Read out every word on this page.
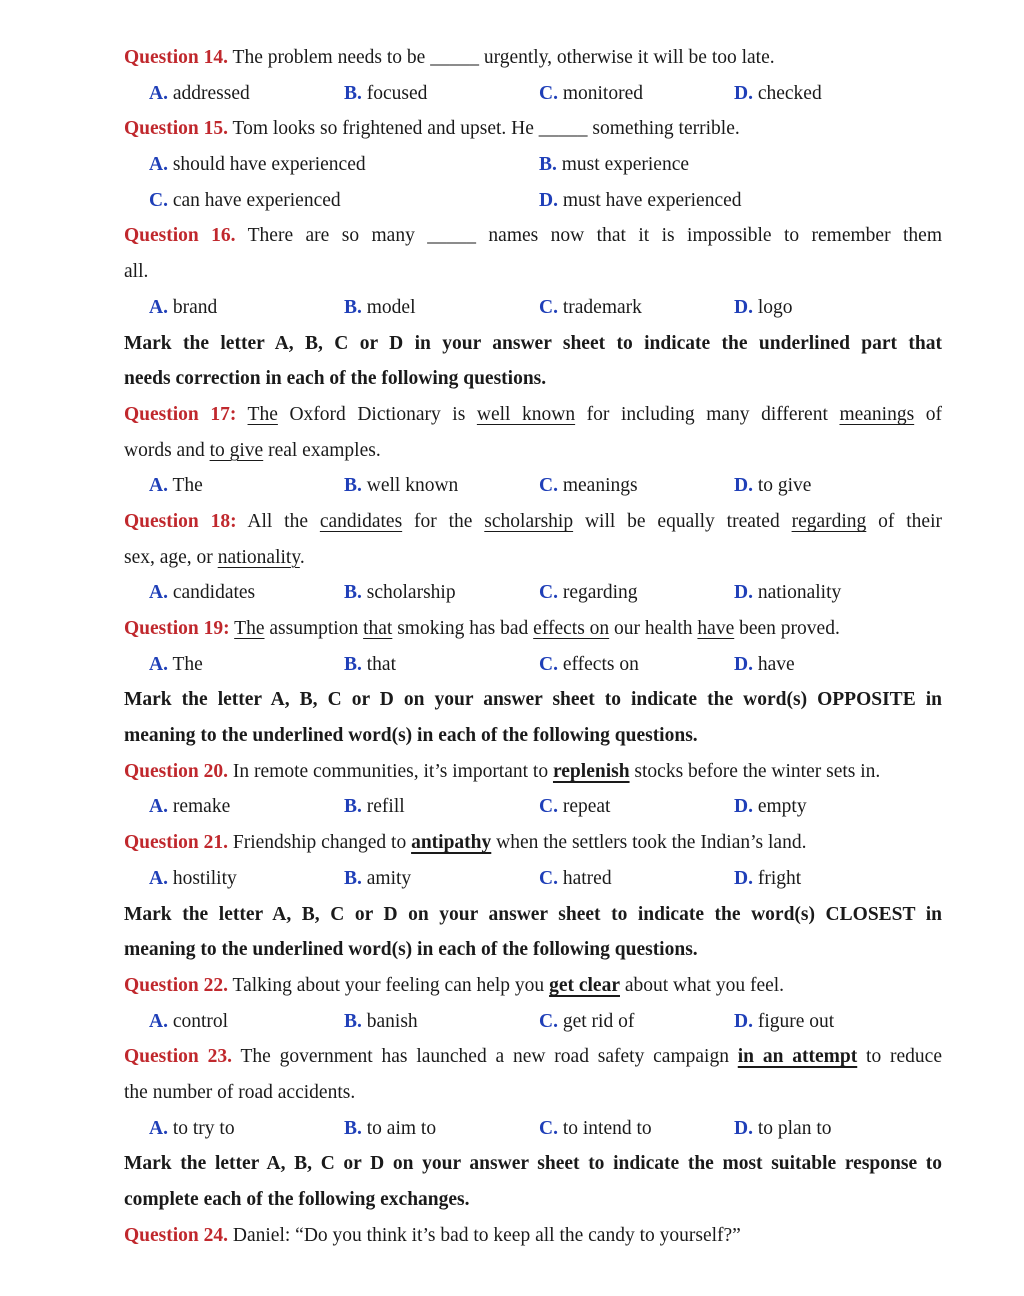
Question 14. The problem needs to be _____ urgently, otherwise it will be too late.
A. addressed	B. focused	C. monitored	D. checked
Question 15. Tom looks so frightened and upset. He _____ something terrible.
A. should have experienced	B. must experience
C. can have experienced	D. must have experienced
Question 16. There are so many _____ names now that it is impossible to remember them
all.
A. brand	B. model	C. trademark	D. logo
Mark the letter A, B, C or D in your answer sheet to indicate the underlined part that
needs correction in each of the following questions.
Question 17: The Oxford Dictionary is well known for including many different meanings of
words and to give real examples.
A. The	B. well known	C. meanings	D. to give
Question 18: All the candidates for the scholarship will be equally treated regarding of their
sex, age, or nationality.
A. candidates	B. scholarship	C. regarding	D. nationality
Question 19: The assumption that smoking has bad effects on our health have been proved.
A. The	B. that	C. effects on	D. have
Mark the letter A, B, C or D on your answer sheet to indicate the word(s) OPPOSITE in
meaning to the underlined word(s) in each of the following questions.
Question 20. In remote communities, it’s important to replenish stocks before the winter sets in.
A. remake	B. refill	C. repeat	D. empty
Question 21. Friendship changed to antipathy when the settlers took the Indian’s land.
A. hostility	B. amity	C. hatred	D. fright
Mark the letter A, B, C or D on your answer sheet to indicate the word(s) CLOSEST in
meaning to the underlined word(s) in each of the following questions.
Question 22. Talking about your feeling can help you get clear about what you feel.
A. control	B. banish	C. get rid of	D. figure out
Question 23. The government has launched a new road safety campaign in an attempt to reduce
the number of road accidents.
A. to try to	B. to aim to	C. to intend to	D. to plan to
Mark the letter A, B, C or D on your answer sheet to indicate the most suitable response to
complete each of the following exchanges.
Question 24. Daniel: “Do you think it’s bad to keep all the candy to yourself?”
